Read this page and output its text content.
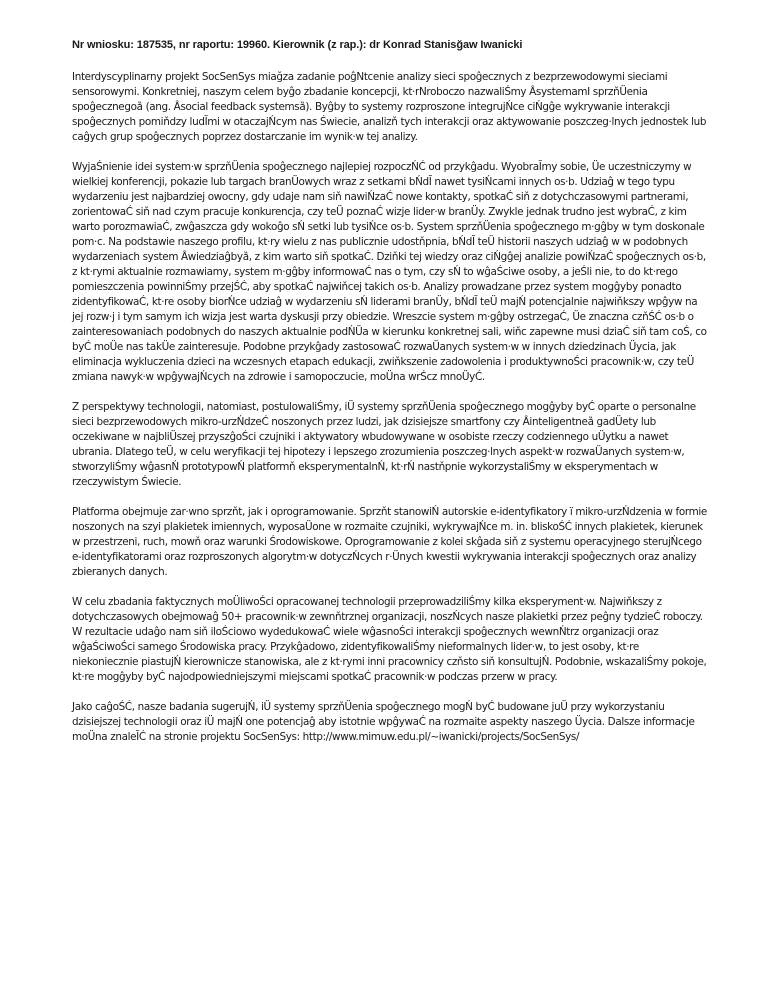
Nr wniosku: 187535, nr raportu: 19960. Kierownik (z rap.): dr Konrad Stanisğaw Iwanicki

Interdyscyplinarny projekt SocSenSys miağza zadanie poĝNtcenie analizy sieci spoĝecznych z bezprzewodowymi sieciami sensorowymi. Konkretniej, naszym celem byĝo zbadanie koncepcji, kt·rNroboczo nazwaliŚmy ȂsystemamI sprzňÜenia spoĝecznegoȁ (ang. Ȃsocial feedback systemsȁ). Byĝby to systemy rozproszone integrujŃce ciŃgĝe wykrywanie interakcji spoĝecznych pomiňdzy ludĨmi w otaczajŃcym nas Świecie, analizň tych interakcji oraz aktywowanie poszczeg·lnych jednostek lub caĝych grup spoĝecznych poprzez dostarczanie im wynik·w tej analizy.

WyjaŚnienie idei system·w sprzňÜenia spoĝecznego najlepiej rozpoczŃĆ od przykĝadu. WyobraĨmy sobie, Üe uczestniczymy w wielkiej konferencji, pokazie lub targach branÜowych wraz z setkami bŃdĨ nawet tysiŃcami innych os·b. Udziaĝ w tego typu wydarzeniu jest najbardziej owocny, gdy udaje nam siň nawiŃzaĆ nowe kontakty, spotkaĆ siň z dotychczasowymi partnerami, zorientowaĆ siň nad czym pracuje konkurencja, czy teÜ poznaĆ wizje lider·w branÜy. Zwykle jednak trudno jest wybraĆ, z kim warto porozmawiaĆ, zwĝaszcza gdy wokoĝo sŃ setki lub tysiŃce os·b. System sprzňÜenia spoĝecznego m·gĝby w tym doskonale pom·c. Na podstawie naszego profilu, kt·ry wielu z nas publicznie udostňpnia, bŃdĨ teÜ historii naszych udziaĝ w w podobnych wydarzeniach system Ȃwiedziaĝbyȁ, z kim warto siň spotkaĆ. Dziňki tej wiedzy oraz ciŃgĝej analizie powiŃzaĆ spoĝecznych os·b, z kt·rymi aktualnie rozmawiamy, system m·gĝby informowaĆ nas o tym, czy sŃ to wĝaŚciwe osoby, a jeŚli nie, to do kt·rego pomieszczenia powinniŚmy przejŚĆ, aby spotkaĆ najwiňcej takich os·b. Analizy prowadzane przez system mogĝyby ponadto zidentyfikowaĆ, kt·re osoby biorŃce udziaĝ w wydarzeniu sŃ liderami branÜy, bŃdĨ teÜ majŃ potencjalnie najwiňkszy wpĝyw na jej rozw·j i tym samym ich wizja jest warta dyskusji przy obiedzie. Wreszcie system m·gĝby ostrzegaĆ, Üe znaczna czňŚĆ os·b o zainteresowaniach podobnych do naszych aktualnie podŃÜa w kierunku konkretnej sali, wiňc zapewne musi dziaĆ siň tam coŚ, co byĆ moÜe nas takÜe zainteresuje. Podobne przykĝady zastosowaĆ rozwaÜanych system·w w innych dziedzinach Üycia, jak eliminacja wykluczenia dzieci na wczesnych etapach edukacji, zwiňkszenie zadowolenia i produktywnoŚci pracownik·w, czy teÜ zmiana nawyk·w wpĝywajŃcych na zdrowie i samopoczucie, moÜna wrŚcz mnoÜyĆ.

Z perspektywy technologii, natomiast, postulowaliŚmy, iÜ systemy sprzňÜenia spoĝecznego mogĝyby byĆ oparte o personalne sieci bezprzewodowych mikro-urzŃdzeĆ noszonych przez ludzi, jak dzisiejsze smartfony czy Ȃinteligentneȁ gadÜety lub oczekiwane w najbliÜszej przyszĝoŚci czujniki i aktywatory wbudowywane w osobiste rzeczy codziennego uÜytku a nawet ubrania. Dlatego teÜ, w celu weryfikacji tej hipotezy i lepszego zrozumienia poszczeg·lnych aspekt·w rozwaÜanych system·w, stworzyliŚmy wĝasnŃ prototypowŃ platformň eksperymentalnŃ, kt·rŃ nastňpnie wykorzystaliŚmy w eksperymentach w rzeczywistym Świecie.

Platforma obejmuje zar·wno sprzňt, jak i oprogramowanie. Sprzňt stanowiŃ autorskie e-identyfikatory ï mikro-urzŃdzenia w formie noszonych na szyi plakietek imiennych, wyposaÜone w rozmaite czujniki, wykrywajŃce m. in. bliskoŚĆ innych plakietek, kierunek w przestrzeni, ruch, mowň oraz warunki Środowiskowe. Oprogramowanie z kolei skĝada siň z systemu operacyjnego sterujŃcego e-identyfikatorami oraz rozproszonych algorytm·w dotyczŃcych r·Ünych kwestii wykrywania interakcji spoĝecznych oraz analizy zbieranych danych.

W celu zbadania faktycznych moÜliwoŚci opracowanej technologii przeprowadziliŚmy kilka eksperyment·w. Najwiňkszy z dotychczasowych obejmowaĝ 50+ pracownik·w zewnňtrznej organizacji, noszŃcych nasze plakietki przez peĝny tydzieĆ roboczy. W rezultacie udaĝo nam siň iloŚciowo wydedukowaĆ wiele wĝasnoŚci interakcji spoĝecznych wewnŃtrz organizacji oraz wĝaŚciwoŚci samego Środowiska pracy. Przykĝadowo, zidentyfikowaliŚmy nieformalnych lider·w, to jest osoby, kt·re niekoniecznie piastujŃ kierownicze stanowiska, ale z kt·rymi inni pracownicy czňsto siň konsultujŃ. Podobnie, wskazaliŚmy pokoje, kt·re mogĝyby byĆ najodpowiedniejszymi miejscami spotkaĆ pracownik·w podczas przerw w pracy.

Jako caĝoŚĆ, nasze badania sugerujŃ, iÜ systemy sprzňÜenia spoĝecznego mogŃ byĆ budowane juÜ przy wykorzystaniu dzisiejszej technologii oraz iÜ majŃ one potencjaĝ aby istotnie wpĝywaĆ na rozmaite aspekty naszego Üycia. Dalsze informacje moÜna znaleĨĆ na stronie projektu SocSenSys: http://www.mimuw.edu.pl/~iwanicki/projects/SocSenSys/
